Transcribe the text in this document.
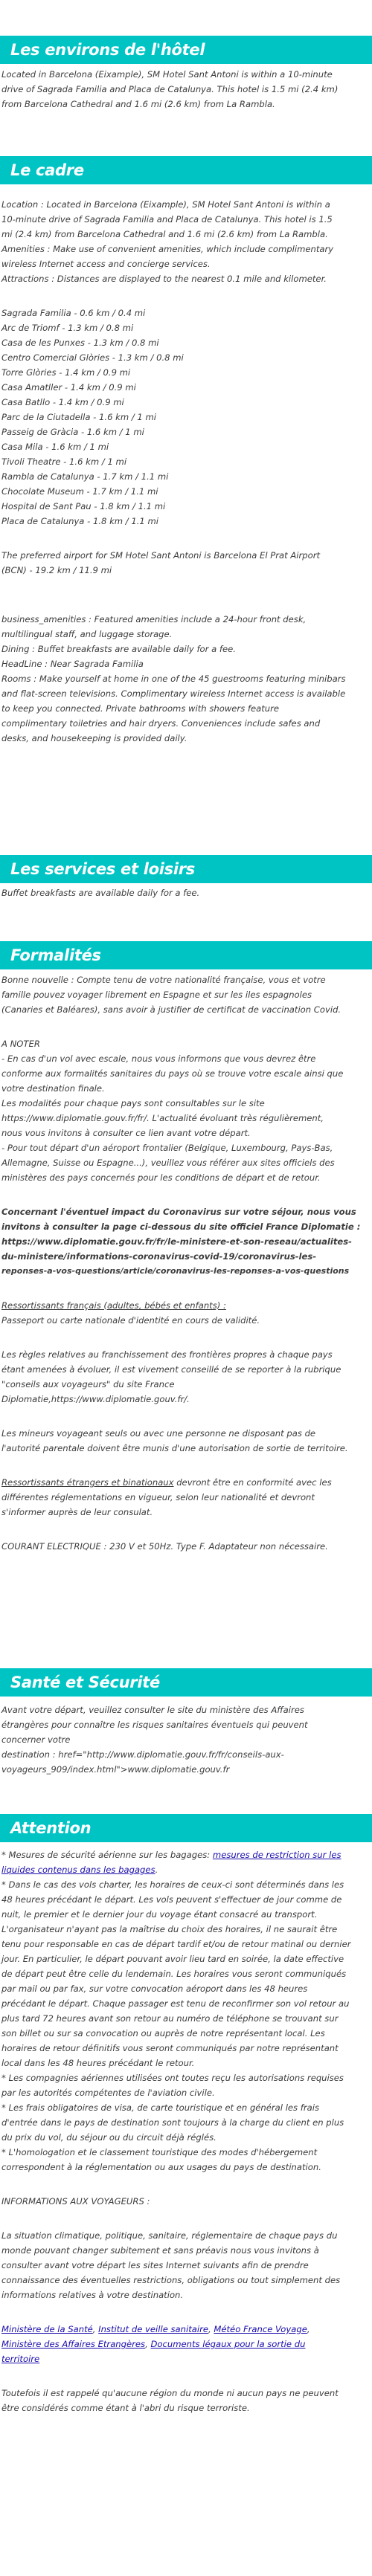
Les environs de l'hôtel

Located in Barcelona (Eixample), SM Hotel Sant Antoni is within a 10-minute

drive of Sagrada Familia and Placa de Catalunya. This hotel is 1.5 mi (2.4 km)

from Barcelona Cathedral and 1.6 mi (2.6 km) from La Rambla.

Le cadre

Location : Located in Barcelona (Eixample), SM Hotel Sant Antoni is within a

10-minute drive of Sagrada Familia and Placa de Catalunya. This hotel is 1.5

mi (2.4 km) from Barcelona Cathedral and 1.6 mi (2.6 km) from La Rambla.

Amenities : Make use of convenient amenities, which include complimentary

wireless Internet access and concierge services.

Attractions : Distances are displayed to the nearest 0.1 mile and kilometer.

Sagrada Familia - 0.6 km / 0.4 mi

Arc de Triomf - 1.3 km / 0.8 mi

Casa de les Punxes - 1.3 km / 0.8 mi

Centro Comercial Glòries - 1.3 km / 0.8 mi

Torre Glòries - 1.4 km / 0.9 mi

Casa Amatller - 1.4 km / 0.9 mi

Casa Batllo - 1.4 km / 0.9 mi

Parc de la Ciutadella - 1.6 km / 1 mi

Passeig de Gràcia - 1.6 km / 1 mi

Casa Mila - 1.6 km / 1 mi

Tivoli Theatre - 1.6 km / 1 mi

Rambla de Catalunya - 1.7 km / 1.1 mi

Chocolate Museum - 1.7 km / 1.1 mi

Hospital de Sant Pau - 1.8 km / 1.1 mi

Placa de Catalunya - 1.8 km / 1.1 mi

The preferred airport for SM Hotel Sant Antoni is Barcelona El Prat Airport

(BCN) - 19.2 km / 11.9 mi

business_amenities : Featured amenities include a 24-hour front desk,

multilingual staff, and luggage storage.

Dining : Buffet breakfasts are available daily for a fee.

HeadLine : Near Sagrada Familia

Rooms : Make yourself at home in one of the 45 guestrooms featuring minibars

and flat-screen televisions. Complimentary wireless Internet access is available

to keep you connected. Private bathrooms with showers feature

complimentary toiletries and hair dryers. Conveniences include safes and

desks, and housekeeping is provided daily.

Les services et loisirs

Buffet breakfasts are available daily for a fee.

Formalités

Bonne nouvelle : Compte tenu de votre nationalité française, vous et votre

famille pouvez voyager librement en Espagne et sur les iles espagnoles

(Canaries et Baléares), sans avoir à justifier de certificat de vaccination Covid.

A NOTER

- En cas d'un vol avec escale, nous vous informons que vous devrez être

conforme aux formalités sanitaires du pays où se trouve votre escale ainsi que

votre destination finale.

Les modalités pour chaque pays sont consultables sur le site

https://www.diplomatie.gouv.fr/fr/. L'actualité évoluant très régulièrement,

nous vous invitons à consulter ce lien avant votre départ.

- Pour tout départ d'un aéroport frontalier (Belgique, Luxembourg, Pays-Bas,

Allemagne, Suisse ou Espagne...), veuillez vous référer aux sites officiels des

ministères des pays concernés pour les conditions de départ et de retour.

Concernant l'éventuel impact du Coronavirus sur votre séjour, nous vous

invitons à consulter la page ci-dessous du site officiel France Diplomatie :

https://www.diplomatie.gouv.fr/fr/le-ministere-et-son-reseau/actualites-

du-ministere/informations-coronavirus-covid-19/coronavirus-les-

reponses-a-vos-questions/article/coronavirus-les-reponses-a-vos-questions

Ressortissants français (adultes, bébés et enfants) :

Passeport ou carte nationale d'identité en cours de validité.

Les règles relatives au franchissement des frontières propres à chaque pays

étant amenées à évoluer, il est vivement conseillé de se reporter à la rubrique

"conseils aux voyageurs" du site France

Diplomatie,https://www.diplomatie.gouv.fr/.

Les mineurs voyageant seuls ou avec une personne ne disposant pas de

l'autorité parentale doivent être munis d'une autorisation de sortie de territoire.

Ressortissants étrangers et binationaux devront être en conformité avec les

différentes réglementations en vigueur, selon leur nationalité et devront

s'informer auprès de leur consulat.

COURANT ELECTRIQUE : 230 V et 50Hz. Type F. Adaptateur non nécessaire.

Santé et Sécurité

Avant votre départ, veuillez consulter le site du ministère des Affaires

étrangères pour connaître les risques sanitaires éventuels qui peuvent

concerner votre

destination : href="http://www.diplomatie.gouv.fr/fr/conseils-aux-

voyageurs_909/index.html">www.diplomatie.gouv.fr

Attention

* Mesures de sécurité aérienne sur les bagages: mesures de restriction sur les

liquides contenus dans les bagages.

* Dans le cas des vols charter, les horaires de ceux-ci sont déterminés dans les

48 heures précédant le départ. Les vols peuvent s'effectuer de jour comme de

nuit, le premier et le dernier jour du voyage étant consacré au transport.

L'organisateur n'ayant pas la maîtrise du choix des horaires, il ne saurait être

tenu pour responsable en cas de départ tardif et/ou de retour matinal ou dernier

jour. En particulier, le départ pouvant avoir lieu tard en soirée, la date effective

de départ peut être celle du lendemain. Les horaires vous seront communiqués

par mail ou par fax, sur votre convocation aéroport dans les 48 heures

précédant le départ. Chaque passager est tenu de reconfirmer son vol retour au

plus tard 72 heures avant son retour au numéro de téléphone se trouvant sur

son billet ou sur sa convocation ou auprès de notre représentant local. Les

horaires de retour définitifs vous seront communiqués par notre représentant

local dans les 48 heures précédant le retour.

* Les compagnies aériennes utilisées ont toutes reçu les autorisations requises

par les autorités compétentes de l'aviation civile.

* Les frais obligatoires de visa, de carte touristique et en général les frais

d'entrée dans le pays de destination sont toujours à la charge du client en plus

du prix du vol, du séjour ou du circuit déjà réglés.

* L'homologation et le classement touristique des modes d'hébergement

correspondent à la réglementation ou aux usages du pays de destination.

INFORMATIONS AUX VOYAGEURS :

La situation climatique, politique, sanitaire, réglementaire de chaque pays du

monde pouvant changer subitement et sans préavis nous vous invitons à

consulter avant votre départ les sites Internet suivants afin de prendre

connaissance des éventuelles restrictions, obligations ou tout simplement des

informations relatives à votre destination.

Ministère de la Santé, Institut de veille sanitaire, Météo France Voyage,

Ministère des Affaires Etrangères, Documents légaux pour la sortie du

territoire

Toutefois il est rappelé qu'aucune région du monde ni aucun pays ne peuvent

être considérés comme étant à l'abri du risque terroriste.
